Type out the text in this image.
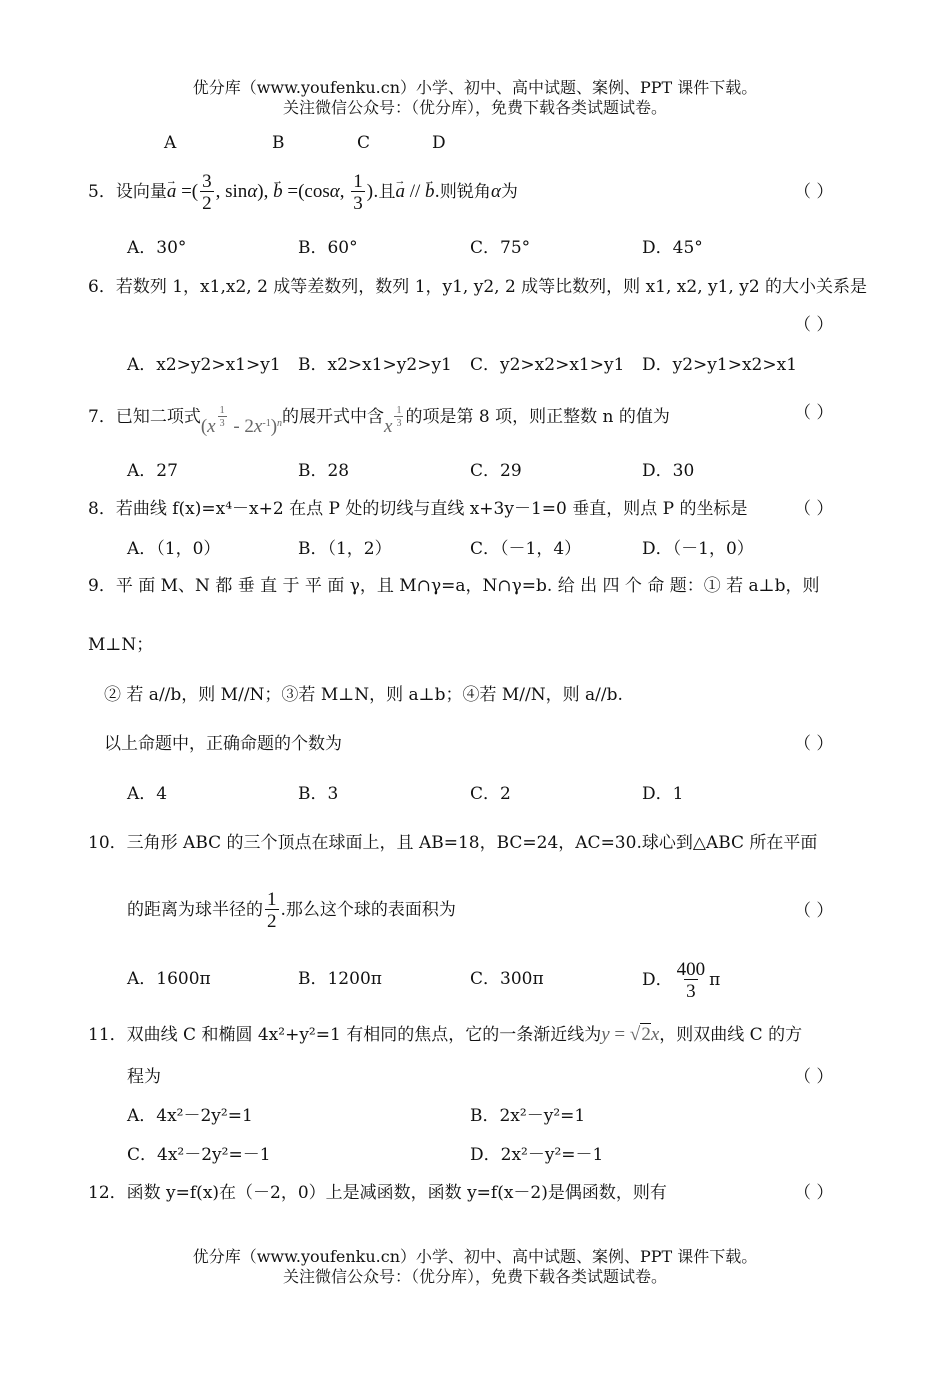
优分库（www.youfenku.cn）小学、初中、高中试题、案例、PPT 课件下载。
关注微信公众号：（优分库），免费下载各类试题试卷。
A	B	C	D
5．设向量→ a =( $\frac{3}{2}$ , sinα), → b =(cosα, $\frac{1}{3}$ ).且→ a // → b.则锐角α为	（ ）
A．30°	B．60°	C．75°	D．45°
6．若数列 1，x1,x2, 2 成等差数列，数列 1，y1, y2, 2 成等比数列，则 x1, x2, y1, y2 的大小关系是
（ ）
A．x2>y2>x1>y1 B．x2>x1>y2>y1 C．y2>x2>x1>y1 D．y2>y1>x2>x1
7．已知二项式(x $^{\frac{1}{3}} - 2x^{-1})^n$的展开式中含x $^{\frac{1}{3}}$ 的项是第 8 项，则正整数 n 的值为	（ ）
A．27	B．28	C．29	D．30
8．若曲线 f(x)=x⁴－x+2 在点 P 处的切线与直线 x+3y－1=0 垂直，则点 P 的坐标是	（ ）
A．（1，0）	B．（1，2）	C．（－1，4）	D．（－1，0）
9．平 面 M、N 都 垂 直 于 平 面 γ，且 M∩γ=a，N∩γ=b. 给 出 四 个 命 题：① 若 a⊥b，则
M⊥N；
② 若 a//b，则 M//N；③若 M⊥N，则 a⊥b；④若 M//N，则 a//b.
以上命题中，正确命题的个数为	（ ）
A．4	B．3	C．2	D．1
10．三角形 ABC 的三个顶点在球面上，且 AB=18，BC=24，AC=30.球心到△ABC 所在平面
的距离为球半径的 $\frac{1}{2}$ .那么这个球的表面积为	（ ）
A．1600π	B．1200π	C．300π	D． $\frac{400}{3}$ π
11．双曲线 C 和椭圆 4x²+y²=1 有相同的焦点，它的一条渐近线为y = √2x，则双曲线 C 的方
程为	（ ）
A．4x²－2y²=1	B．2x²－y²=1
C．4x²－2y²=－1	D．2x²－y²=－1
12．函数 y=f(x)在（－2，0）上是减函数，函数 y=f(x－2)是偶函数，则有	（ ）
优分库（www.youfenku.cn）小学、初中、高中试题、案例、PPT 课件下载。
关注微信公众号：（优分库），免费下载各类试题试卷。
